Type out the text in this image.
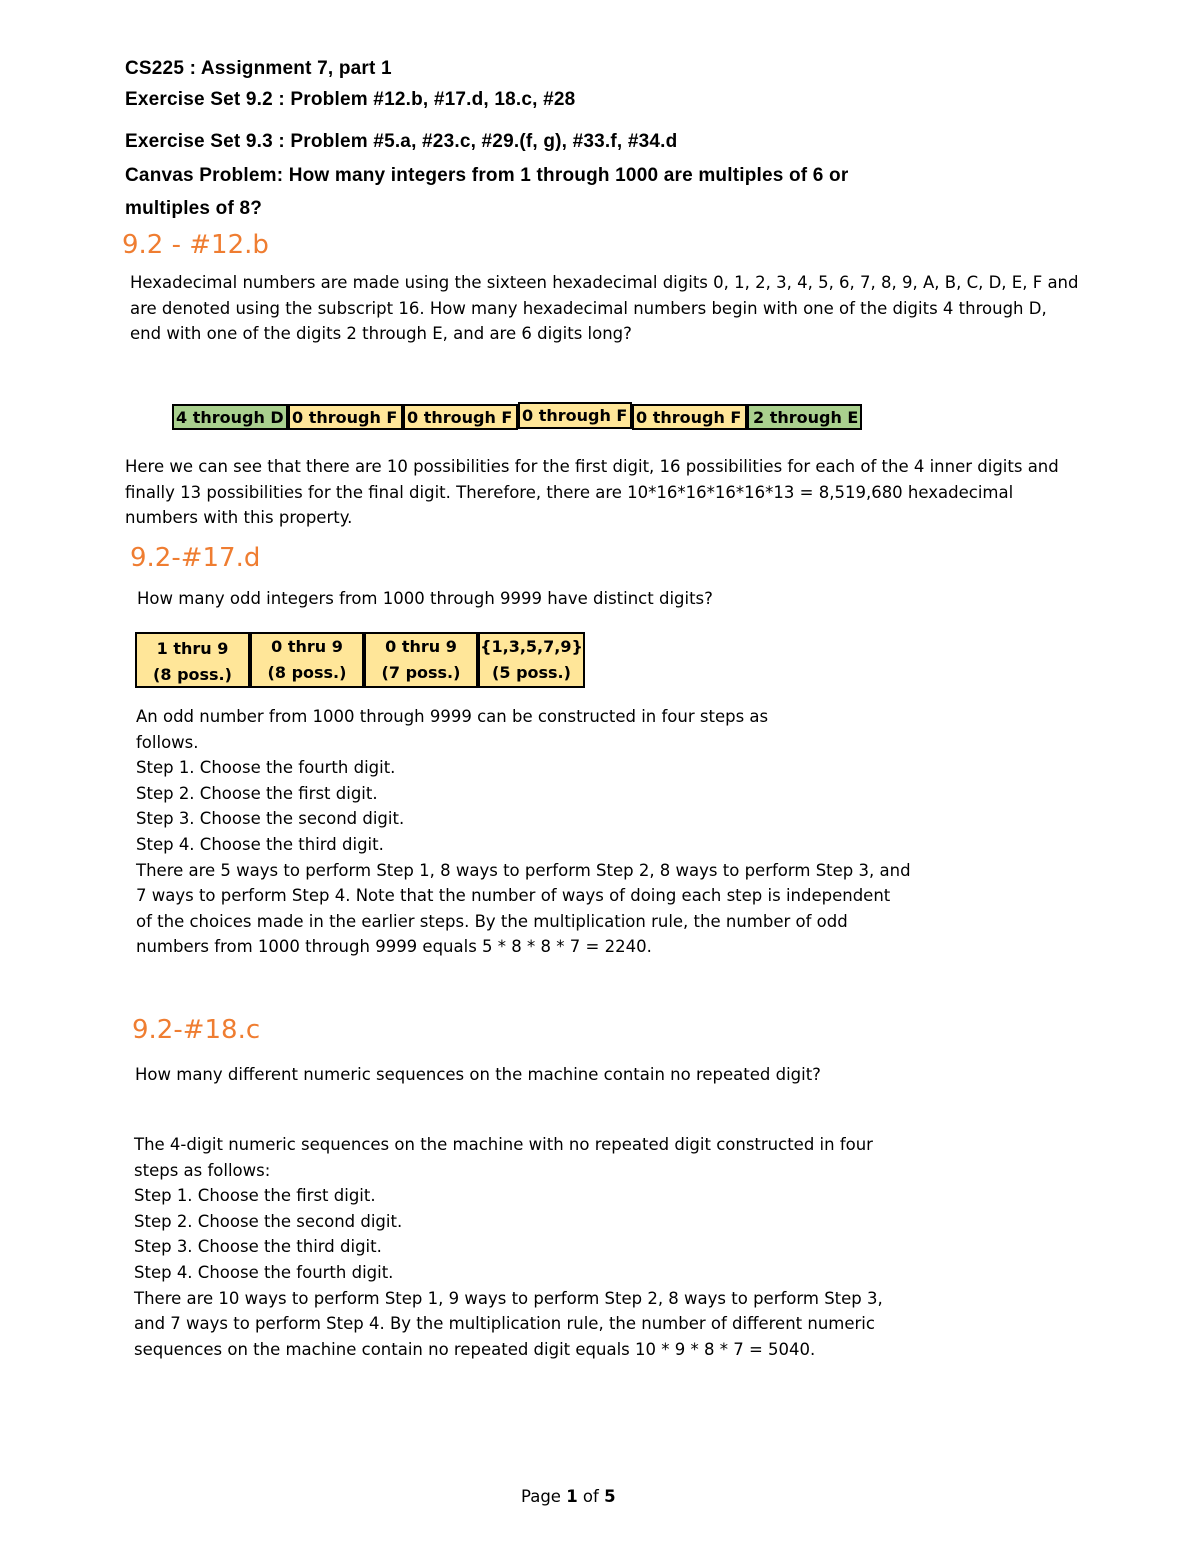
CS225 : Assignment 7, part 1
Exercise Set 9.2 : Problem #12.b, #17.d, 18.c, #28
Exercise Set 9.3 : Problem #5.a, #23.c, #29.(f, g), #33.f, #34.d
Canvas Problem: How many integers from 1 through 1000 are multiples of 6 or
multiples of 8?
9.2 - #12.b
Hexadecimal numbers are made using the sixteen hexadecimal digits 0, 1, 2, 3, 4, 5, 6, 7, 8, 9, A, B, C, D, E, F and
are denoted using the subscript 16. How many hexadecimal numbers begin with one of the digits 4 through D,
end with one of the digits 2 through E, and are 6 digits long?
4 through D 0 through F 0 through F 0 through F 0 through F 2 through E
Here we can see that there are 10 possibilities for the first digit, 16 possibilities for each of the 4 inner digits and
finally 13 possibilities for the final digit. Therefore, there are 10*16*16*16*16*13 = 8,519,680 hexadecimal
numbers with this property.
9.2-#17.d
How many odd integers from 1000 through 9999 have distinct digits?
1 thru 9
(8 poss.)
0 thru 9
(8 poss.)
0 thru 9
(7 poss.)
{1,3,5,7,9}
(5 poss.)
An odd number from 1000 through 9999 can be constructed in four steps as
follows.
Step 1. Choose the fourth digit.
Step 2. Choose the first digit.
Step 3. Choose the second digit.
Step 4. Choose the third digit.
There are 5 ways to perform Step 1, 8 ways to perform Step 2, 8 ways to perform Step 3, and
7 ways to perform Step 4. Note that the number of ways of doing each step is independent
of the choices made in the earlier steps. By the multiplication rule, the number of odd
numbers from 1000 through 9999 equals 5 * 8 * 8 * 7 = 2240.
9.2-#18.c
How many different numeric sequences on the machine contain no repeated digit?
The 4-digit numeric sequences on the machine with no repeated digit constructed in four
steps as follows:
Step 1. Choose the first digit.
Step 2. Choose the second digit.
Step 3. Choose the third digit.
Step 4. Choose the fourth digit.
There are 10 ways to perform Step 1, 9 ways to perform Step 2, 8 ways to perform Step 3,
and 7 ways to perform Step 4. By the multiplication rule, the number of different numeric
sequences on the machine contain no repeated digit equals 10 * 9 * 8 * 7 = 5040.
Page 1 of 5
